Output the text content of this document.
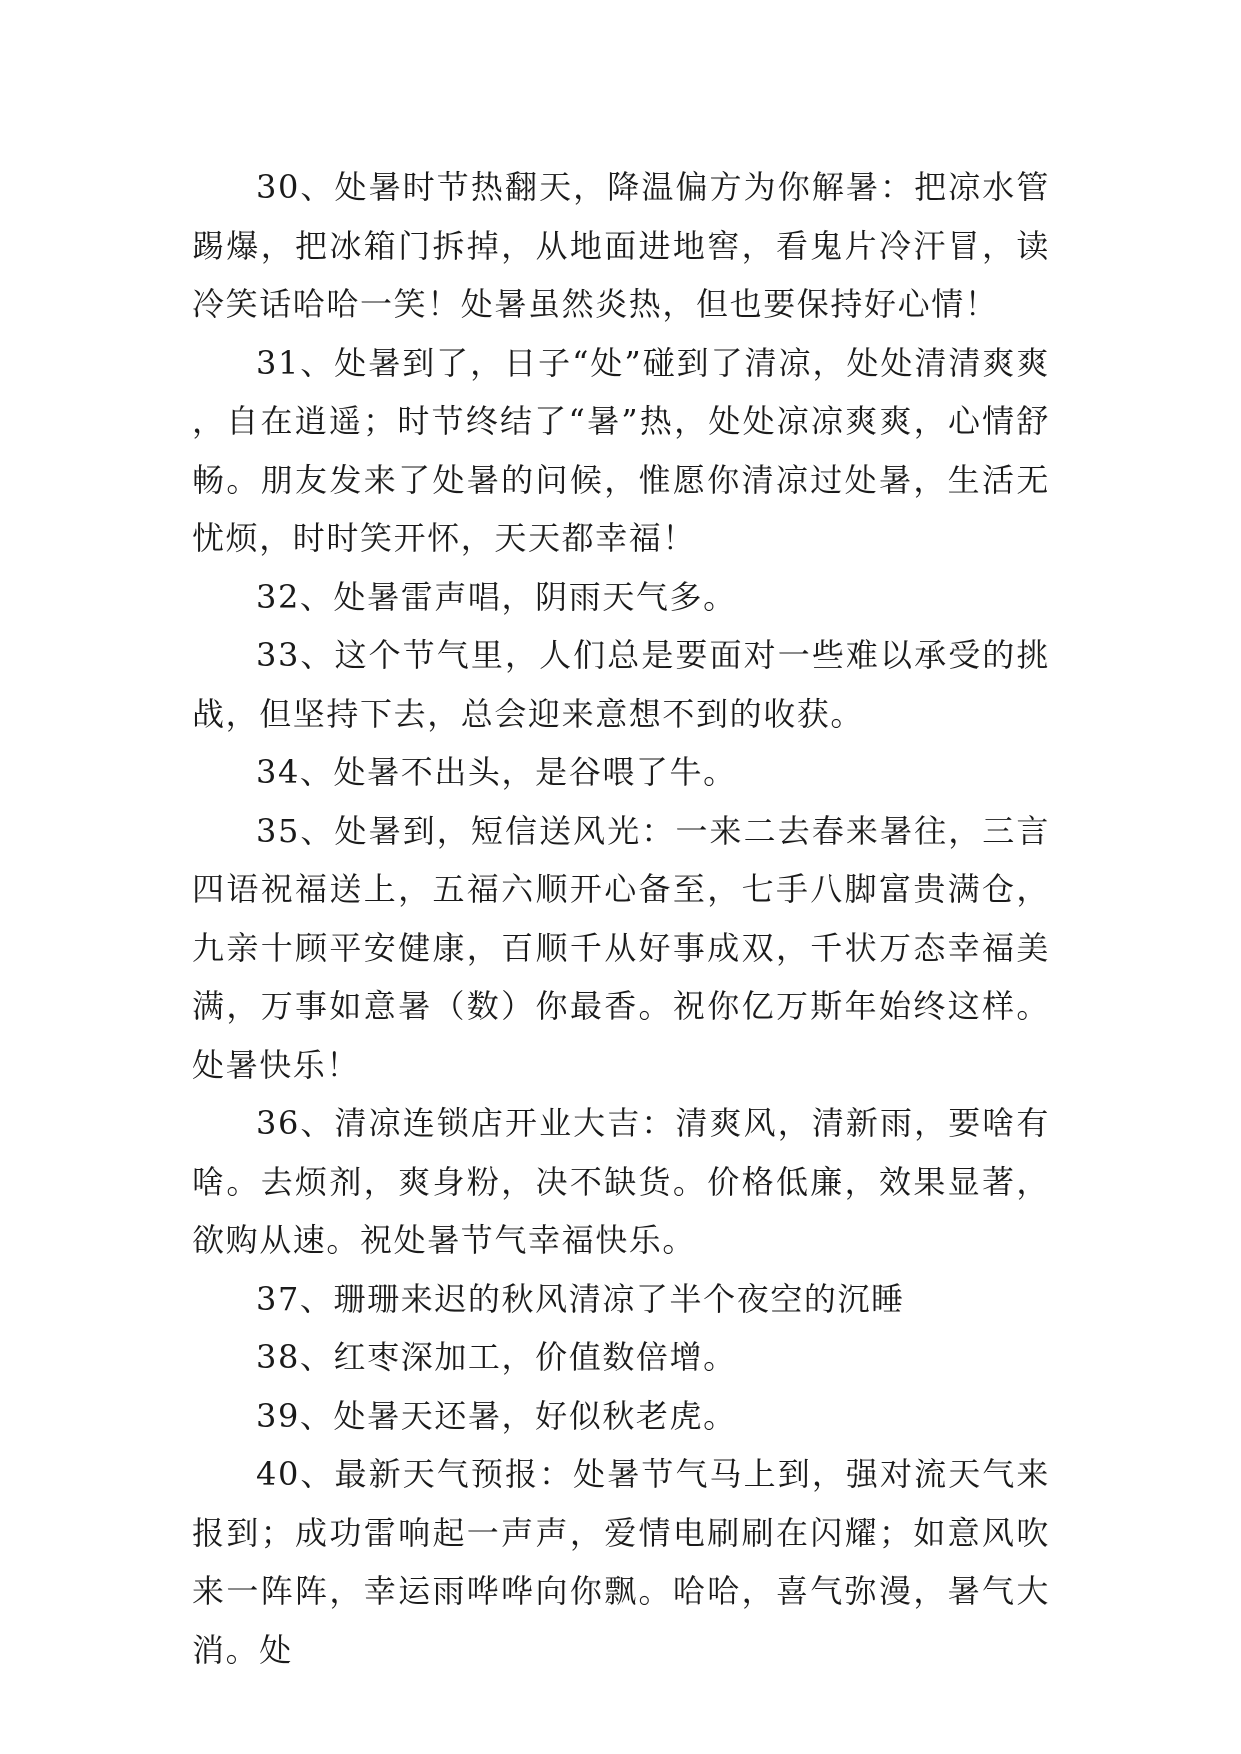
30、处暑时节热翻天，降温偏方为你解暑：把凉水管踢爆，把冰箱门拆掉，从地面进地窖，看鬼片冷汗冒，读冷笑话哈哈一笑！处暑虽然炎热，但也要保持好心情！

31、处暑到了，日子“处”碰到了清凉，处处清清爽爽，自在逍遥；时节终结了“暑”热，处处凉凉爽爽，心情舒畅。朋友发来了处暑的问候，惟愿你清凉过处暑，生活无忧烦，时时笑开怀，天天都幸福！

32、处暑雷声唱，阴雨天气多。

33、这个节气里，人们总是要面对一些难以承受的挑战，但坚持下去，总会迎来意想不到的收获。

34、处暑不出头，是谷喂了牛。

35、处暑到，短信送风光：一来二去春来暑往，三言四语祝福送上，五福六顺开心备至，七手八脚富贵满仓，九亲十顾平安健康，百顺千从好事成双，千状万态幸福美满，万事如意暑（数）你最香。祝你亿万斯年始终这样。处暑快乐！

36、清凉连锁店开业大吉：清爽风，清新雨，要啥有啥。去烦剂，爽身粉，决不缺货。价格低廉，效果显著，欲购从速。祝处暑节气幸福快乐。

37、珊珊来迟的秋风清凉了半个夜空的沉睡

38、红枣深加工，价值数倍增。

39、处暑天还暑，好似秋老虎。

40、最新天气预报：处暑节气马上到，强对流天气来报到；成功雷响起一声声，爱情电刷刷在闪耀；如意风吹来一阵阵，幸运雨哗哗向你飘。哈哈，喜气弥漫，暑气大消。处
